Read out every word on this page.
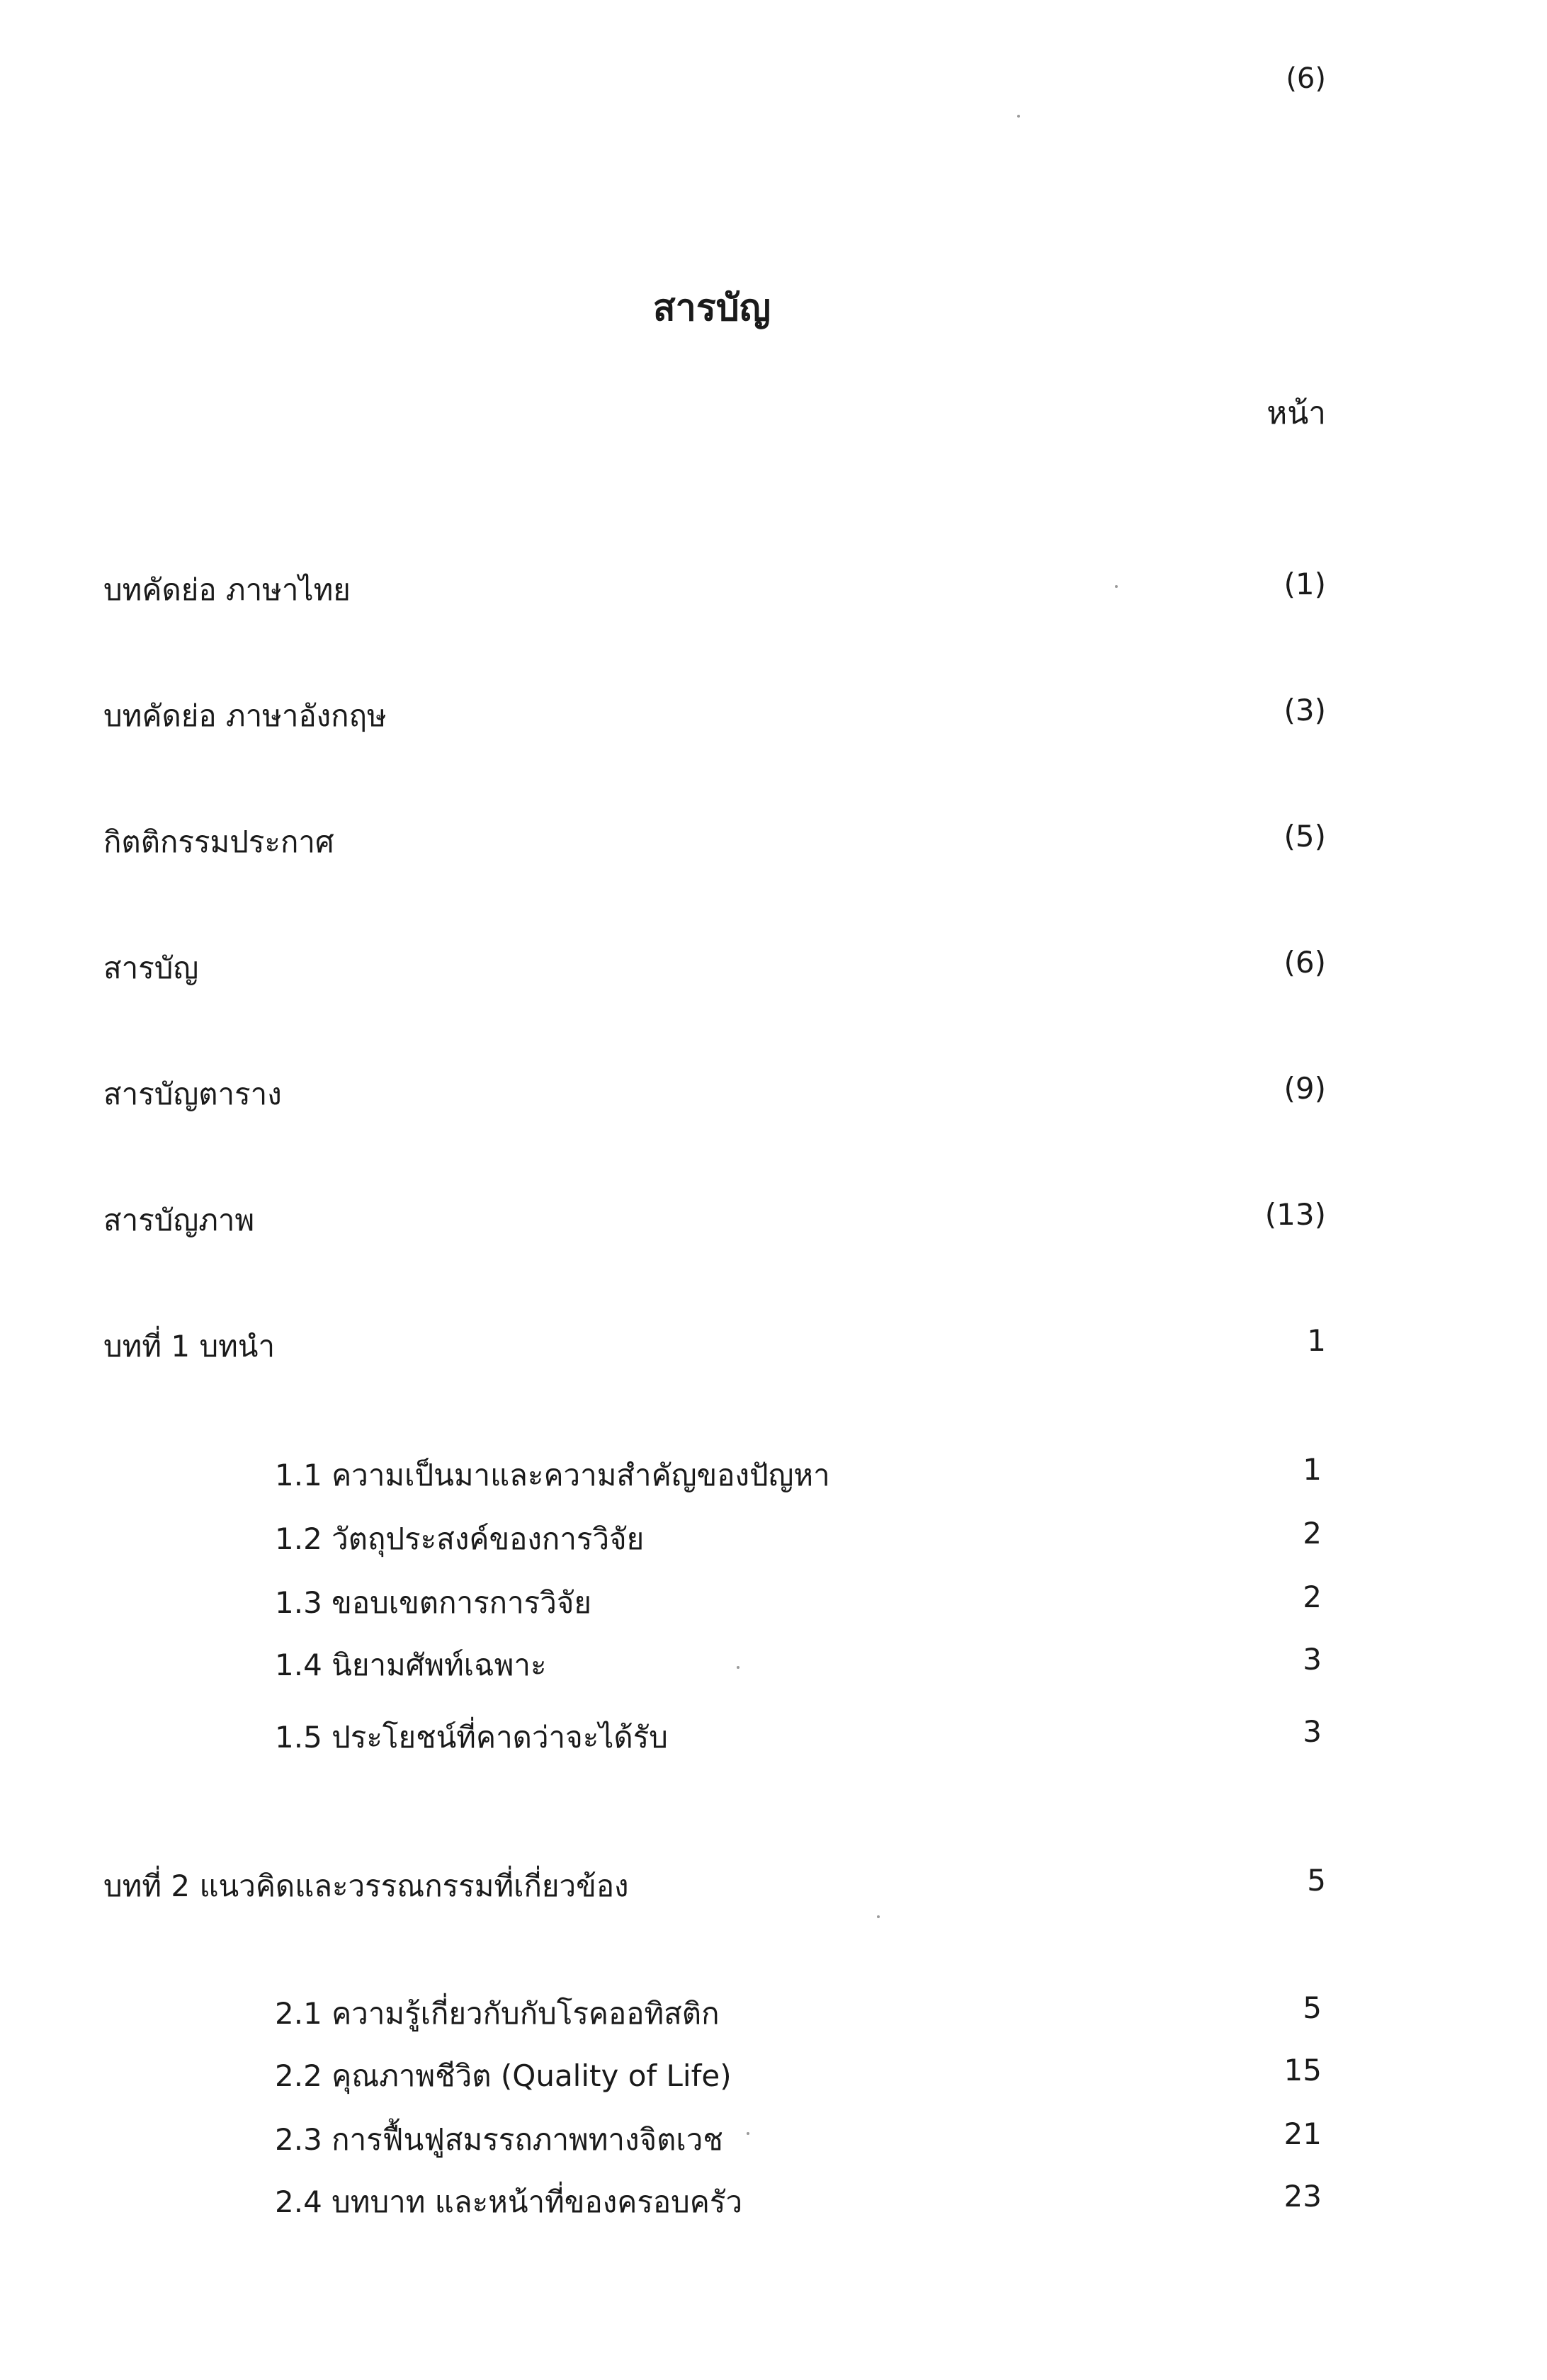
(6)
สารบัญ
หน้า
บทคัดย่อ ภาษาไทย	(1)
บทคัดย่อ ภาษาอังกฤษ	(3)
กิตติกรรมประกาศ	(5)
สารบัญ	(6)
สารบัญตาราง	(9)
สารบัญภาพ	(13)
บทที่ 1 บทนำ	1
1.1 ความเป็นมาและความสำคัญของปัญหา	1
1.2 วัตถุประสงค์ของการวิจัย	2
1.3 ขอบเขตการการวิจัย	2
1.4 นิยามศัพท์เฉพาะ	3
1.5 ประโยชน์ที่คาดว่าจะได้รับ	3
บทที่ 2 แนวคิดและวรรณกรรมที่เกี่ยวข้อง	5
2.1 ความรู้เกี่ยวกับกับโรคออทิสติก	5
2.2 คุณภาพชีวิต (Quality of Life)	15
2.3 การฟื้นฟูสมรรถภาพทางจิตเวช	21
2.4 บทบาท และหน้าที่ของครอบครัว	23
